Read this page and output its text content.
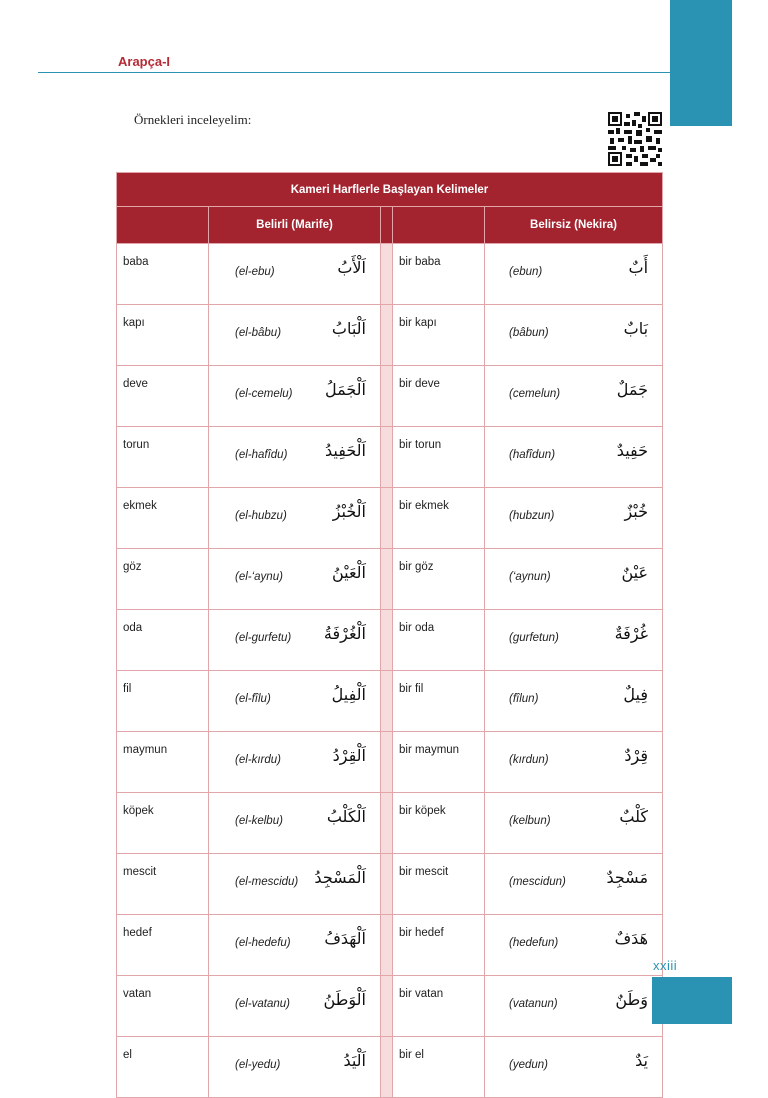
Arapça-I
Örnekleri inceleyelim:
Kameri Harflerle Başlayan Kelimeler				
	Belirli (Marife)			Belirsiz (Nekira)
baba	(el-ebu) اَلْأَبُ		bir baba	(ebun) أَبٌ

kapı	(el-bâbu) اَلْبَابُ		bir kapı	(bâbun) بَابٌ

deve	(el-cemelu) اَلْجَمَلُ		bir deve	(cemelun) جَمَلٌ

torun	(el-hafîdu) اَلْحَفِيدُ		bir torun	(hafîdun) حَفِيدٌ

ekmek	(el-hubzu) اَلْخُبْزُ		bir ekmek	(hubzun) خُبْزٌ

göz	(el-‘aynu) اَلْعَيْنُ		bir göz	(‘aynun) عَيْنٌ

oda	(el-gurfetu) اَلْغُرْفَةُ		bir oda	(gurfetun) غُرْفَةٌ

fil	(el-fîlu) اَلْفِيلُ		bir fil	(fîlun) فِيلٌ

maymun	(el-kırdu) اَلْقِرْدُ		bir maymun	(kırdun) قِرْدٌ

köpek	(el-kelbu) اَلْكَلْبُ		bir köpek	(kelbun) كَلْبٌ

mescit	(el-mescidu) اَلْمَسْجِدُ		bir mescit	(mescidun) مَسْجِدٌ

hedef	(el-hedefu) اَلْهَدَفُ		bir hedef	(hedefun) هَدَفٌ

vatan	(el-vatanu) اَلْوَطَنُ		bir vatan	(vatanun) وَطَنٌ

el	(el-yedu) اَلْيَدُ		bir el	(yedun) يَدٌ
xxiii
